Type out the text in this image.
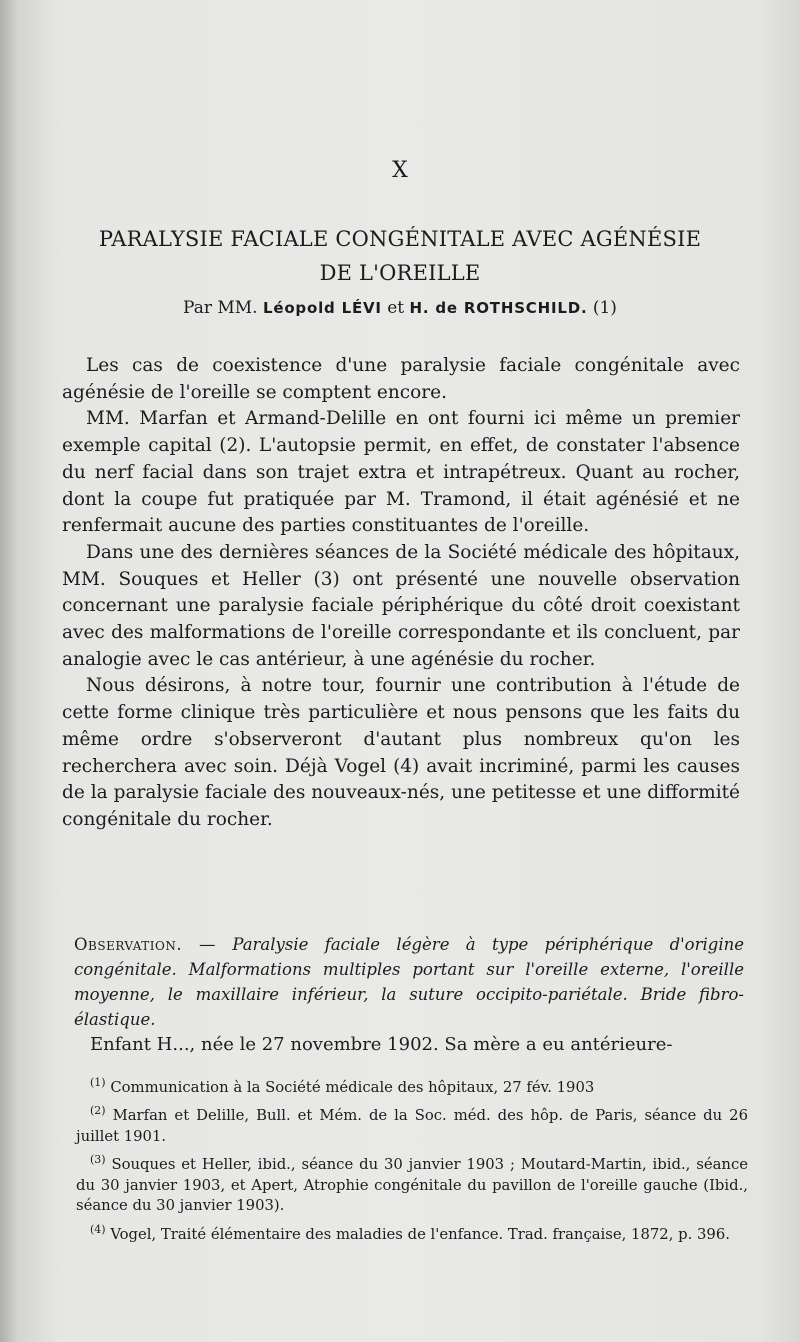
X
PARALYSIE FACIALE CONGÉNITALE AVEC AGÉNÉSIE
DE L'OREILLE
Par MM. Léopold LÉVI et H. de ROTHSCHILD. (1)

Les cas de coexistence d'une paralysie faciale congénitale avec agénésie de l'oreille se comptent encore.

MM. Marfan et Armand-Delille en ont fourni ici même un premier exemple capital (2). L'autopsie permit, en effet, de constater l'absence du nerf facial dans son trajet extra et intrapétreux. Quant au rocher, dont la coupe fut pratiquée par M. Tramond, il était agénésié et ne renfermait aucune des parties constituantes de l'oreille.

Dans une des dernières séances de la Société médicale des hôpitaux, MM. Souques et Heller (3) ont présenté une nouvelle observation concernant une paralysie faciale périphérique du côté droit coexistant avec des malformations de l'oreille correspondante et ils concluent, par analogie avec le cas antérieur, à une agénésie du rocher.

Nous désirons, à notre tour, fournir une contribution à l'étude de cette forme clinique très particulière et nous pensons que les faits du même ordre s'observeront d'autant plus nombreux qu'on les recherchera avec soin. Déjà Vogel (4) avait incriminé, parmi les causes de la paralysie faciale des nouveaux-nés, une petitesse et une difformité congénitale du rocher.

Observation. — Paralysie faciale légère à type périphérique d'origine congénitale. Malformations multiples portant sur l'oreille externe, l'oreille moyenne, le maxillaire inférieur, la suture occipito-pariétale. Bride fibro-élastique.

Enfant H..., née le 27 novembre 1902. Sa mère a eu antérieure-

$^{(1)}$ Communication à la Société médicale des hôpitaux, 27 fév. 1903

$^{(2)}$ Marfan et Delille, Bull. et Mém. de la Soc. méd. des hôp. de Paris, séance du 26 juillet 1901.

$^{(3)}$ Souques et Heller, ibid., séance du 30 janvier 1903 ; Moutard-Martin, ibid., séance du 30 janvier 1903, et Apert, Atrophie congénitale du pavillon de l'oreille gauche (Ibid., séance du 30 janvier 1903).

$^{(4)}$ Vogel, Traité élémentaire des maladies de l'enfance. Trad. française, 1872, p. 396.
